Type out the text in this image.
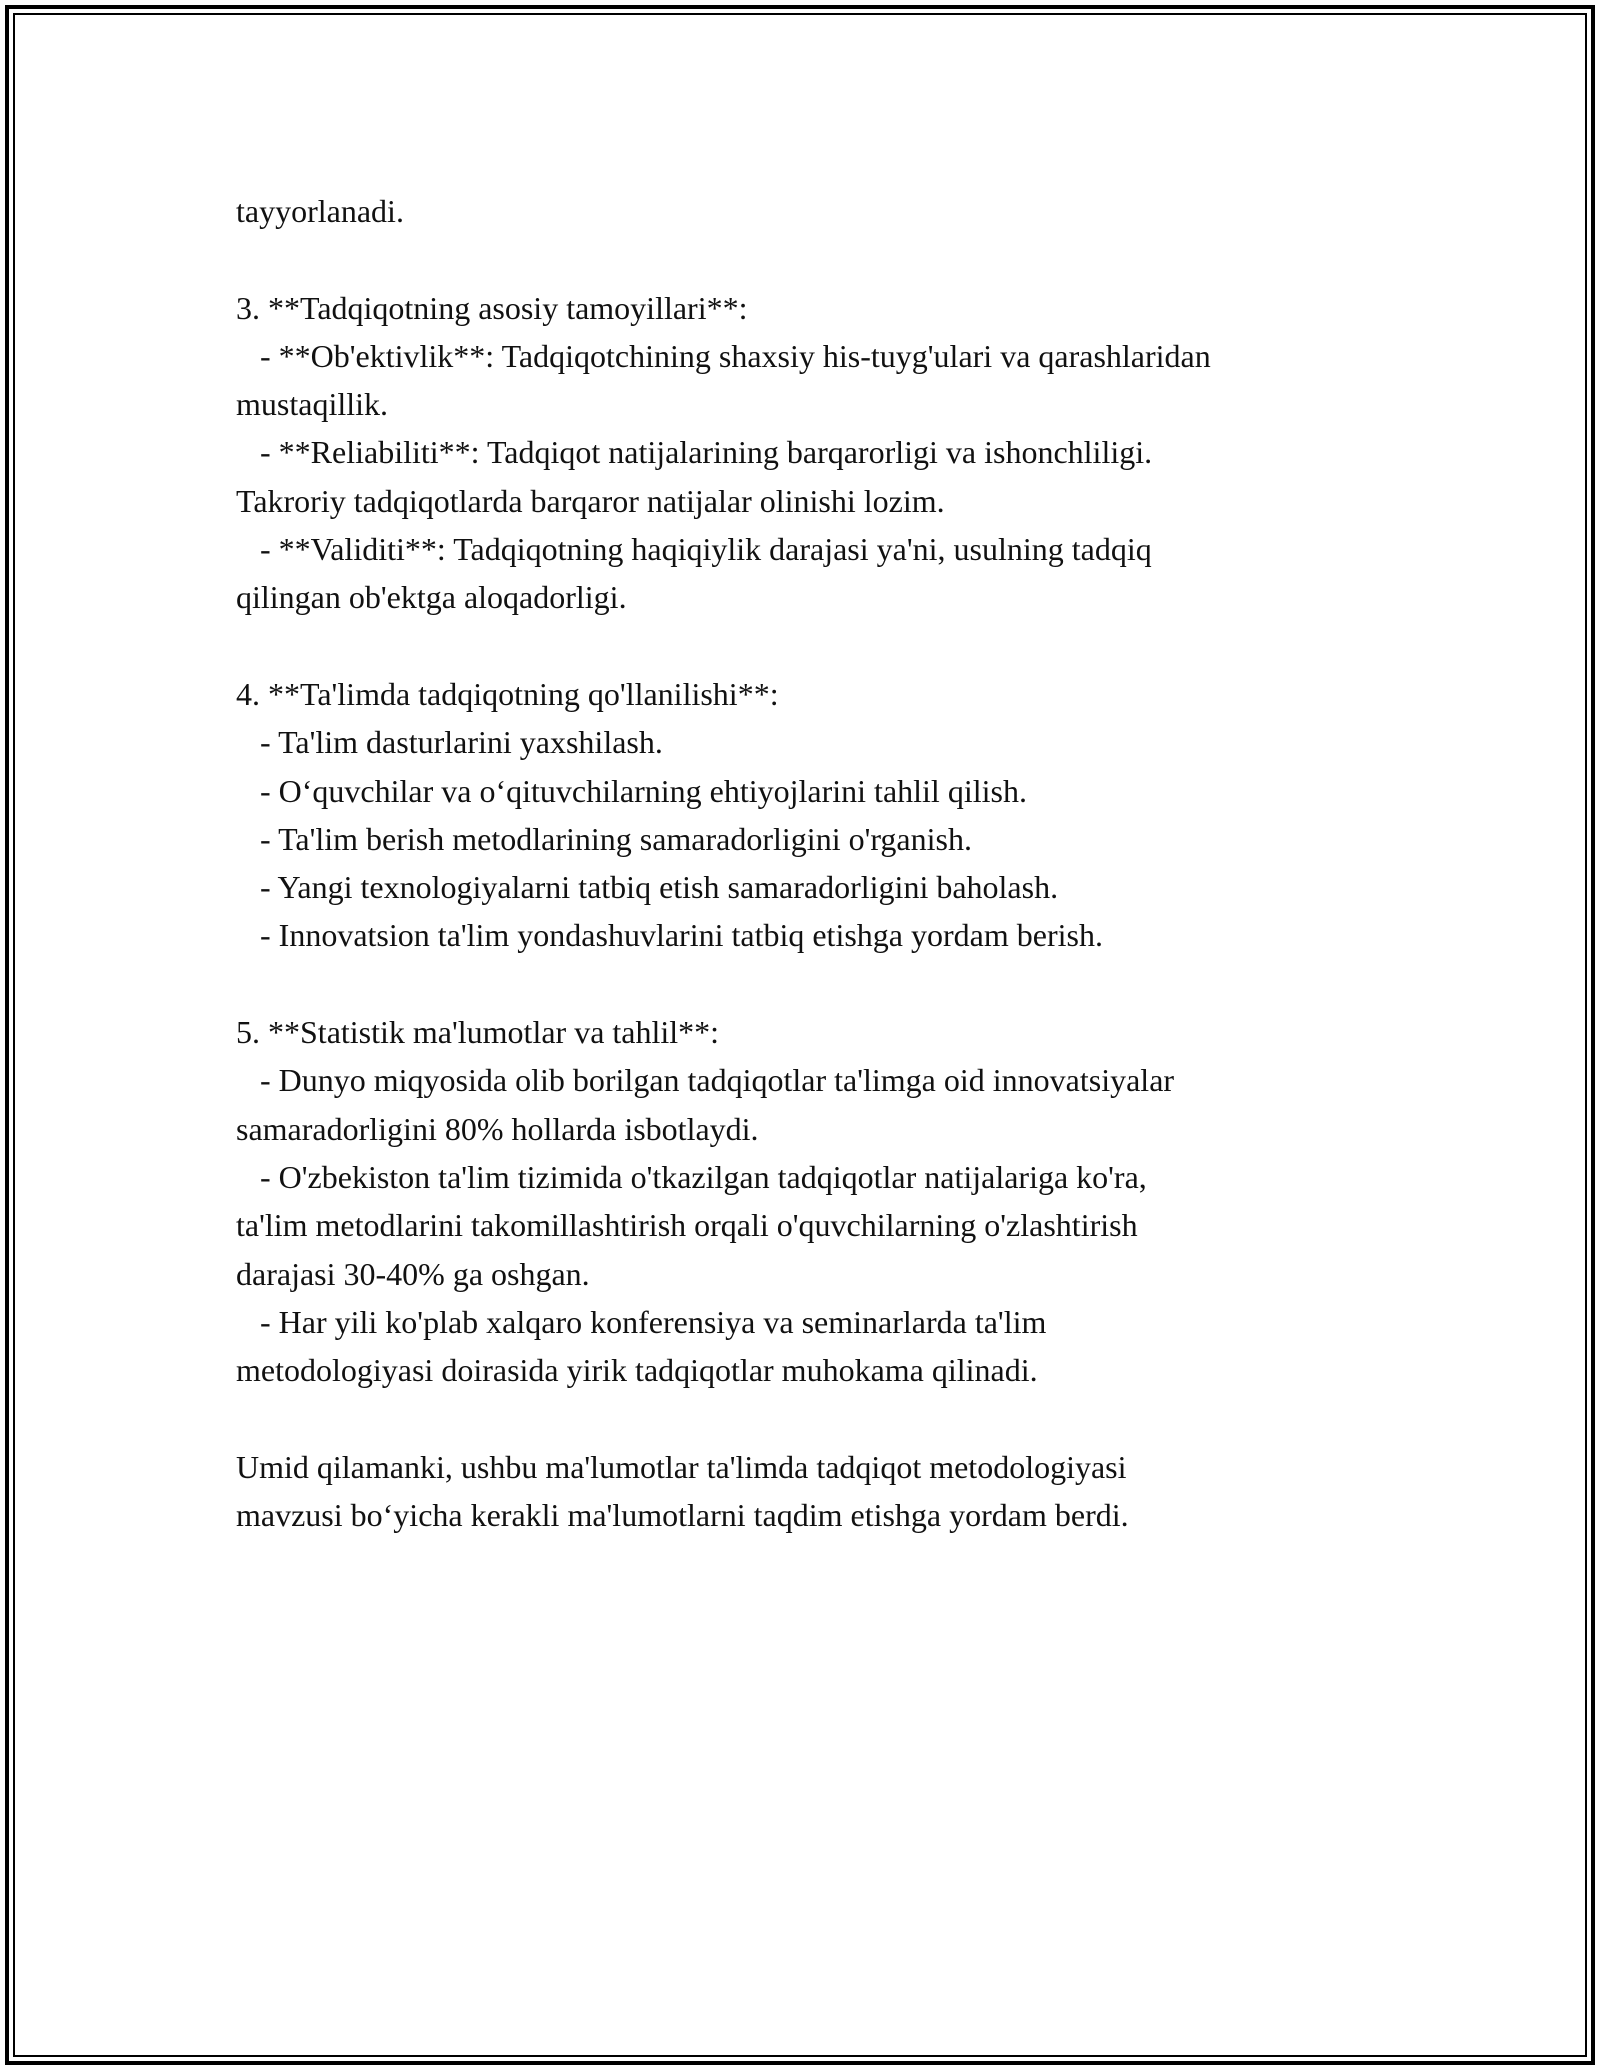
tayyorlanadi.
3. **Tadqiqotning asosiy tamoyillari**:
- **Ob'ektivlik**: Tadqiqotchining shaxsiy his-tuyg'ulari va qarashlaridan
mustaqillik.
- **Reliabiliti**: Tadqiqot natijalarining barqarorligi va ishonchliligi.
Takroriy tadqiqotlarda barqaror natijalar olinishi lozim.
- **Validiti**: Tadqiqotning haqiqiylik darajasi ya'ni, usulning tadqiq
qilingan ob'ektga aloqadorligi.
4. **Ta'limda tadqiqotning qo'llanilishi**:
- Ta'lim dasturlarini yaxshilash.
- O‘quvchilar va o‘qituvchilarning ehtiyojlarini tahlil qilish.
- Ta'lim berish metodlarining samaradorligini o'rganish.
- Yangi texnologiyalarni tatbiq etish samaradorligini baholash.
- Innovatsion ta'lim yondashuvlarini tatbiq etishga yordam berish.
5. **Statistik ma'lumotlar va tahlil**:
- Dunyo miqyosida olib borilgan tadqiqotlar ta'limga oid innovatsiyalar
samaradorligini 80% hollarda isbotlaydi.
- O'zbekiston ta'lim tizimida o'tkazilgan tadqiqotlar natijalariga ko'ra,
ta'lim metodlarini takomillashtirish orqali o'quvchilarning o'zlashtirish
darajasi 30-40% ga oshgan.
- Har yili ko'plab xalqaro konferensiya va seminarlarda ta'lim
metodologiyasi doirasida yirik tadqiqotlar muhokama qilinadi.
Umid qilamanki, ushbu ma'lumotlar ta'limda tadqiqot metodologiyasi
mavzusi bo‘yicha kerakli ma'lumotlarni taqdim etishga yordam berdi.
